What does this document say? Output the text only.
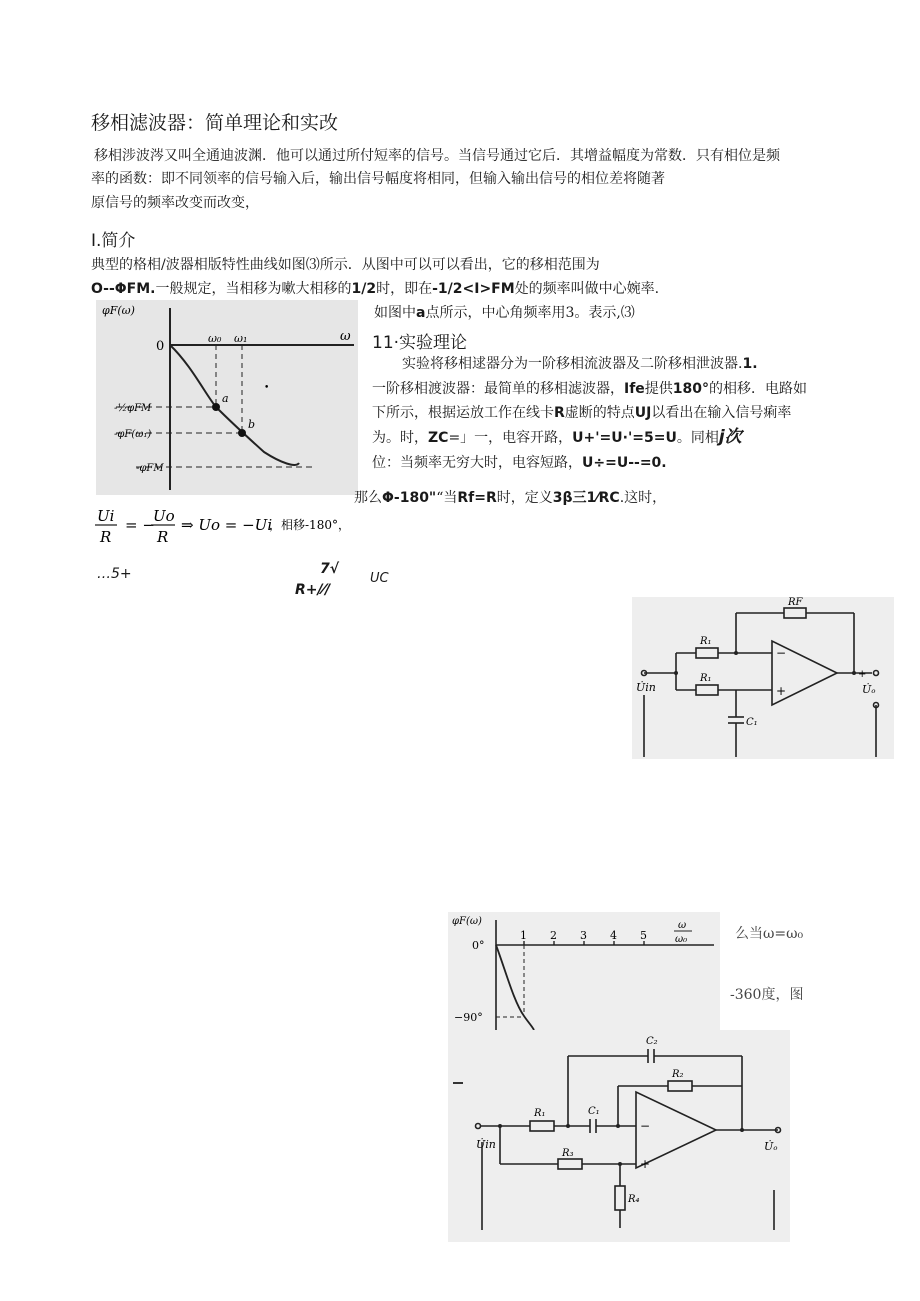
移相滤波器：简单理论和实改
移相涉波涔又叫全通迪波渊．他可以通过所付短率的信号。当信号通过它后．其增益幅度为常数．只有相位是频
率的函数：即不同领率的信号输入后，输出信号幅度将相同，但输入输出信号的相位差将随著
原信号的频率改变而改变，
I.简介
典型的格相/波器相版特性曲线如图⑶所示．从图中可以可以看出，它的移相范围为
O--ΦFM.一般规定，当相移为嗽大相移的1/2时，即在-1/2<I>FM处的频率叫做中心婉率.
如图中a点所示，中心角频率用3。表示,⑶
φF(ω)
0
ω₀ ω₁	ω
-½φFM
-φF(ω₁)
-φFM
a
b
•
11·实验理论
实验将移相逑器分为一阶移相流波器及二阶移相泄波器.1.
一阶移相渡波器：最简单的移相滤波器，Ife提供180°的相移．电路如
下所示，根据运放工作在线卡R虚断的特点UJ以看出在输入信号痢率
为。时，ZC=」一，电容开路，U+'=U·'=5=U。同相j次
位：当频率无穷大时，电容短路，U÷=U--=0.
那么Φ-180"“当Rf=R时，定义3β三1⁄RC.这时，
Ui
R
= −
Uo
R
⇒ Uo = −Ui
，相移-180°，
…5+	7√
R+/⁄/
UC
RF
R₁
R₁
C₁
U̇in	U̇ₒ
−
+
+
么当ω=ω₀
-360度，图
1 2 3 4 5
φF(ω)	ω
ω₀
0°
−90°
C₂
R₂
R₁	C₁
R₃
R₄
U̇in	U̇ₒ
−
+
